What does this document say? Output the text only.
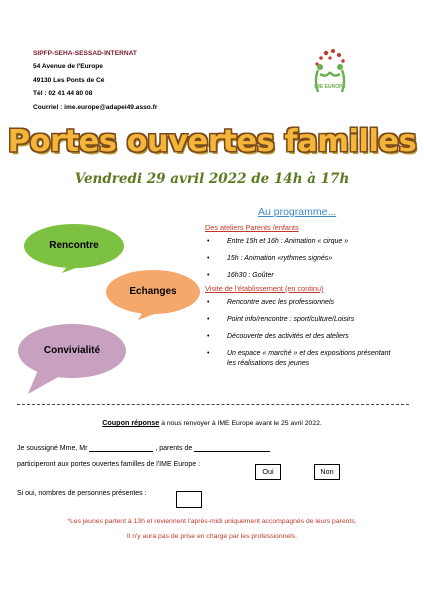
SIPFP-SEHA-SESSAD-INTERNAT
54 Avenue de l'Europe
49130 Les Ponts de Cé
Tél : 02 41 44 80 08
Courriel : ime.europe@adapei49.asso.fr
IME EUROPE
Portes ouvertes familles
Vendredi 29 avril 2022 de 14h à 17h
Rencontre
Echanges
Convivialité
Au programme...
Des ateliers Parents /enfants
• Entre 15h et 16h : Animation « cirque »
• 15h : Animation «rythmes signés»
• 16h30 : Goûter
Visite de l'établissement (en continu)
• Rencontre avec les professionnels
• Point info/rencontre : sport/culture/Loisirs
• Découverte des activités et des ateliers
• Un espace « marché » et des expositions présentant les réalisations des jeunes
Coupon réponse à nous renvoyer à IME Europe avant le 25 avril 2022.
Je soussigné Mme, Mr	, parents de
participeront aux portes ouvertes familles de l'IME Europe :
Oui	Non
Si oui, nombres de personnes présentes :
*Les jeunes partent à 13h et reviennent l'après-midi uniquement accompagnés de leurs parents.
Il n'y aura pas de prise en charge par les professionnels.
